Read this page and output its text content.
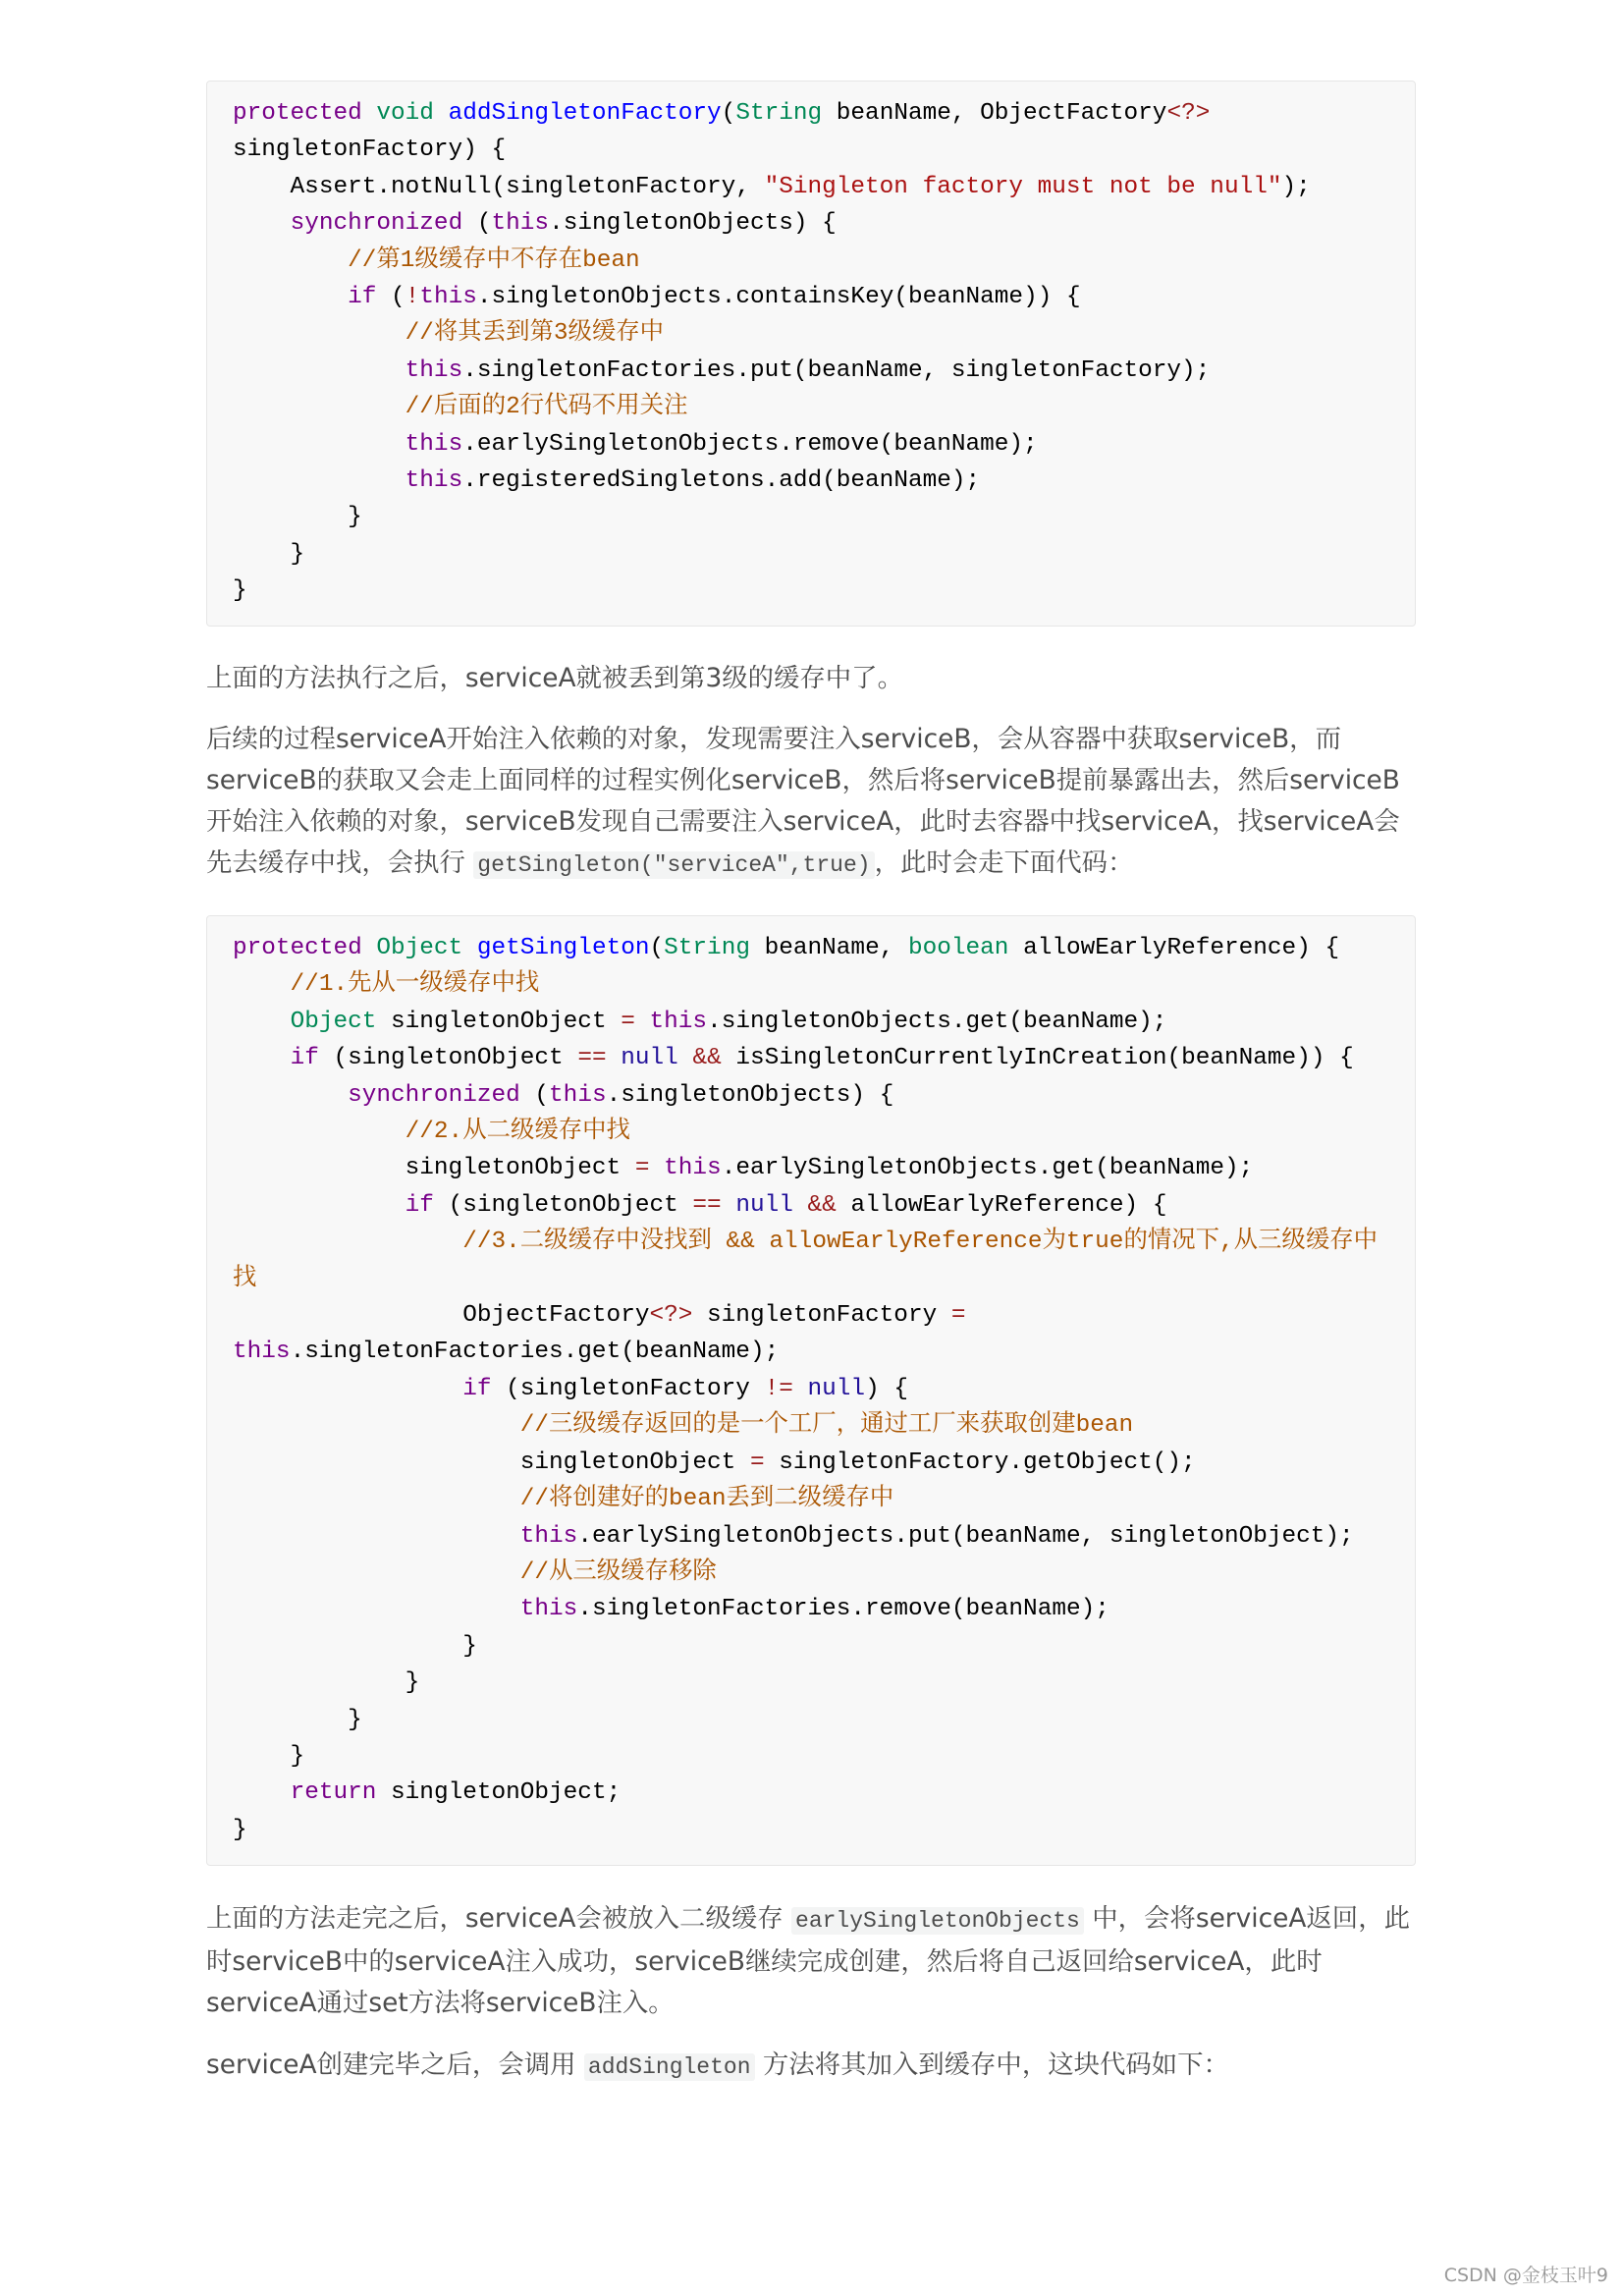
protected void addSingletonFactory(String beanName, ObjectFactory<?>
singletonFactory) {
Assert.notNull(singletonFactory, "Singleton factory must not be null");
synchronized (this.singletonObjects) {
//第1级缓存中不存在bean
if (!this.singletonObjects.containsKey(beanName)) {
//将其丢到第3级缓存中
this.singletonFactories.put(beanName, singletonFactory);
//后面的2行代码不用关注
this.earlySingletonObjects.remove(beanName);
this.registeredSingletons.add(beanName);
}
}
}

上面的方法执行之后，serviceA就被丢到第3级的缓存中了。

后续的过程serviceA开始注入依赖的对象，发现需要注入serviceB，会从容器中获取serviceB，而serviceB的获取又会走上面同样的过程实例化serviceB，然后将serviceB提前暴露出去，然后serviceB开始注入依赖的对象，serviceB发现自己需要注入serviceA，此时去容器中找serviceA，找serviceA会先去缓存中找，会执行 getSingleton("serviceA",true) ，此时会走下面代码：

protected Object getSingleton(String beanName, boolean allowEarlyReference) {
//1.先从一级缓存中找
Object singletonObject = this.singletonObjects.get(beanName);
if (singletonObject == null && isSingletonCurrentlyInCreation(beanName)) {
synchronized (this.singletonObjects) {
//2.从二级缓存中找
singletonObject = this.earlySingletonObjects.get(beanName);
if (singletonObject == null && allowEarlyReference) {
//3.二级缓存中没找到 && allowEarlyReference为true的情况下,从三级缓存中
找
ObjectFactory<?> singletonFactory =
this.singletonFactories.get(beanName);
if (singletonFactory != null) {
//三级缓存返回的是一个工厂，通过工厂来获取创建bean
singletonObject = singletonFactory.getObject();
//将创建好的bean丢到二级缓存中
this.earlySingletonObjects.put(beanName, singletonObject);
//从三级缓存移除
this.singletonFactories.remove(beanName);
}
}
}
}
return singletonObject;
}

上面的方法走完之后，serviceA会被放入二级缓存 earlySingletonObjects 中，会将serviceA返回，此时serviceB中的serviceA注入成功，serviceB继续完成创建，然后将自己返回给serviceA，此时serviceA通过set方法将serviceB注入。

serviceA创建完毕之后，会调用 addSingleton 方法将其加入到缓存中，这块代码如下：

CSDN @金枝玉叶9
